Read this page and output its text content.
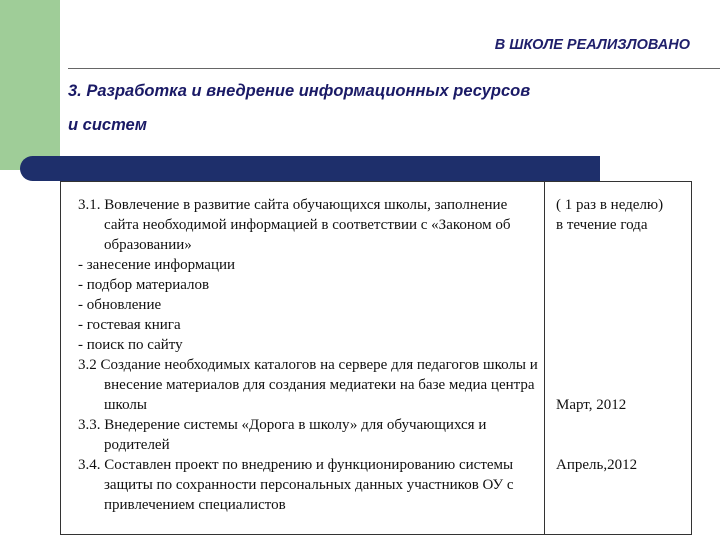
В ШКОЛЕ РЕАЛИЗЛОВАНО
3. Разработка и внедрение информационных ресурсов
и систем

3.1. Вовлечение в развитие сайта обучающихся школы, заполнение сайта необходимой информацией в соответствии с «Законом об образовании»

- занесение информации

- подбор материалов

- обновление

- гостевая книга

- поиск по сайту

3.2 Создание необходимых каталогов на сервере для педагогов школы и внесение материалов для создания медиатеки на базе медиа центра школы

3.3. Внедерение системы «Дорога в школу» для обучающихся и родителей

3.4. Составлен проект по внедрению и функционированию системы защиты по сохранности персональных данных участников ОУ с привлечением специалистов

( 1 раз в неделю)
в течение года
Март, 2012
Апрель,2012
